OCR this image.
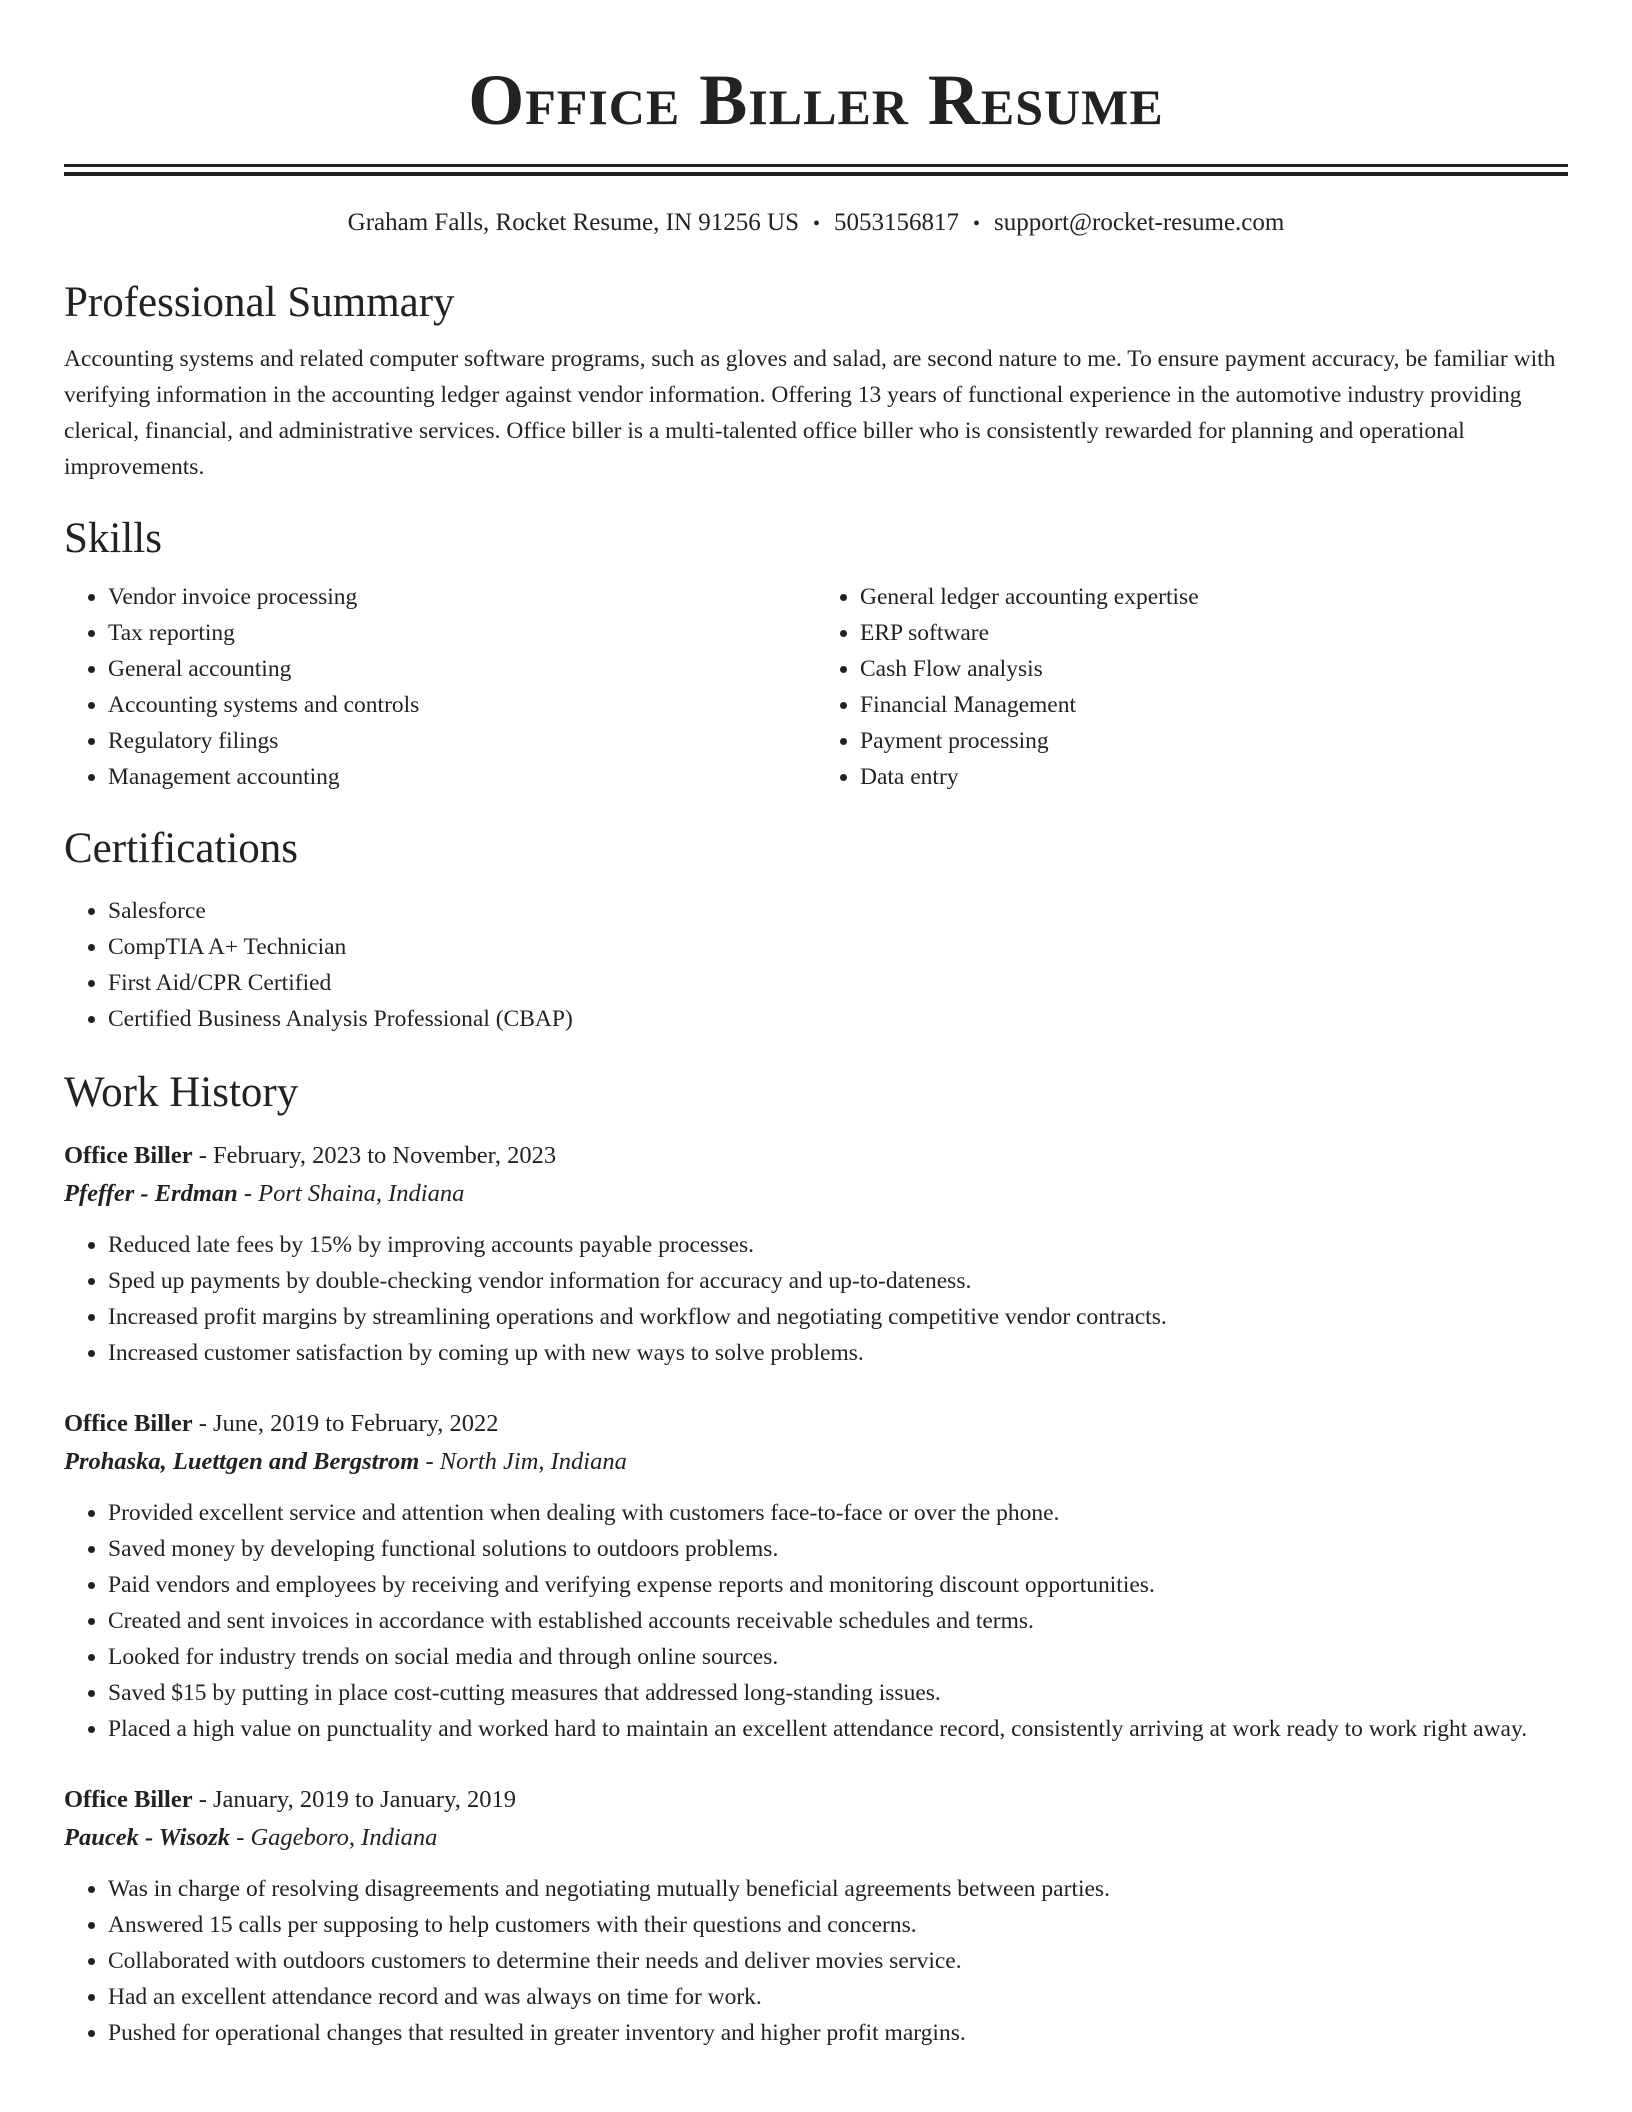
Office Biller Resume
Graham Falls, Rocket Resume, IN 91256 US • 5053156817 • support@rocket-resume.com
Professional Summary

Accounting systems and related computer software programs, such as gloves and salad, are second nature to me. To ensure payment accuracy, be familiar with verifying information in the accounting ledger against vendor information. Offering 13 years of functional experience in the automotive industry providing clerical, financial, and administrative services. Office biller is a multi-talented office biller who is consistently rewarded for planning and operational improvements.

Skills
• Vendor invoice processing
• Tax reporting
• General accounting
• Accounting systems and controls
• Regulatory filings
• Management accounting
• General ledger accounting expertise
• ERP software
• Cash Flow analysis
• Financial Management
• Payment processing
• Data entry
Certifications
• Salesforce
• CompTIA A+ Technician
• First Aid/CPR Certified
• Certified Business Analysis Professional (CBAP)
Work History
Office Biller - February, 2023 to November, 2023
Pfeffer - Erdman - Port Shaina, Indiana
• Reduced late fees by 15% by improving accounts payable processes.
• Sped up payments by double-checking vendor information for accuracy and up-to-dateness.
• Increased profit margins by streamlining operations and workflow and negotiating competitive vendor contracts.
• Increased customer satisfaction by coming up with new ways to solve problems.
Office Biller - June, 2019 to February, 2022
Prohaska, Luettgen and Bergstrom - North Jim, Indiana
• Provided excellent service and attention when dealing with customers face-to-face or over the phone.
• Saved money by developing functional solutions to outdoors problems.
• Paid vendors and employees by receiving and verifying expense reports and monitoring discount opportunities.
• Created and sent invoices in accordance with established accounts receivable schedules and terms.
• Looked for industry trends on social media and through online sources.
• Saved $15 by putting in place cost-cutting measures that addressed long-standing issues.
• Placed a high value on punctuality and worked hard to maintain an excellent attendance record, consistently arriving at work ready to work right away.
Office Biller - January, 2019 to January, 2019
Paucek - Wisozk - Gageboro, Indiana
• Was in charge of resolving disagreements and negotiating mutually beneficial agreements between parties.
• Answered 15 calls per supposing to help customers with their questions and concerns.
• Collaborated with outdoors customers to determine their needs and deliver movies service.
• Had an excellent attendance record and was always on time for work.
• Pushed for operational changes that resulted in greater inventory and higher profit margins.
